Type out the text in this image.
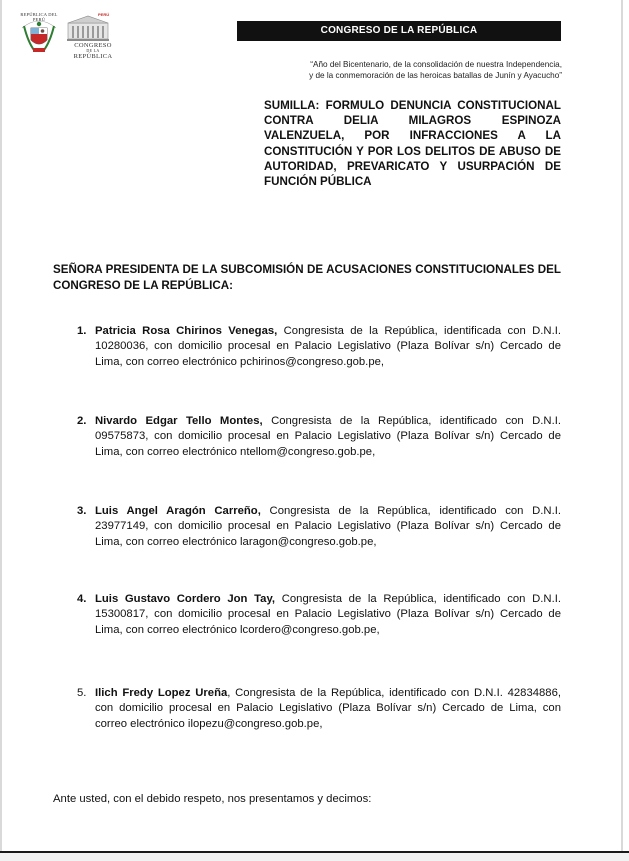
REPÚBLICA DEL PERÚ
PERÚ
CONGRESO
DE LA
REPÚBLICA
CONGRESO DE LA REPÚBLICA
“Año del Bicentenario, de la consolidación de nuestra Independencia,
y de la conmemoración de las heroicas batallas de Junín y Ayacucho”
SUMILLA: FORMULO DENUNCIA CONSTITUCIONAL CONTRA DELIA MILAGROS ESPINOZA VALENZUELA, POR INFRACCIONES A LA CONSTITUCIÓN Y POR LOS DELITOS DE ABUSO DE AUTORIDAD, PREVARICATO Y USURPACIÓN DE FUNCIÓN PÚBLICA
SEÑORA PRESIDENTA DE LA SUBCOMISIÓN DE ACUSACIONES CONSTITUCIONALES DEL CONGRESO DE LA REPÚBLICA:
1. Patricia Rosa Chirinos Venegas, Congresista de la República, identificada con D.N.I. 10280036, con domicilio procesal en Palacio Legislativo (Plaza Bolívar s/n) Cercado de Lima, con correo electrónico pchirinos@congreso.gob.pe,
2. Nivardo Edgar Tello Montes, Congresista de la República, identificado con D.N.I. 09575873, con domicilio procesal en Palacio Legislativo (Plaza Bolívar s/n) Cercado de Lima, con correo electrónico ntellom@congreso.gob.pe,
3. Luis Angel Aragón Carreño, Congresista de la República, identificado con D.N.I. 23977149, con domicilio procesal en Palacio Legislativo (Plaza Bolívar s/n) Cercado de Lima, con correo electrónico laragon@congreso.gob.pe,
4. Luis Gustavo Cordero Jon Tay, Congresista de la República, identificado con D.N.I. 15300817, con domicilio procesal en Palacio Legislativo (Plaza Bolívar s/n) Cercado de Lima, con correo electrónico lcordero@congreso.gob.pe,
5. Ilich Fredy Lopez Ureña, Congresista de la República, identificado con D.N.I. 42834886, con domicilio procesal en Palacio Legislativo (Plaza Bolívar s/n) Cercado de Lima, con correo electrónico ilopezu@congreso.gob.pe,
Ante usted, con el debido respeto, nos presentamos y decimos:
